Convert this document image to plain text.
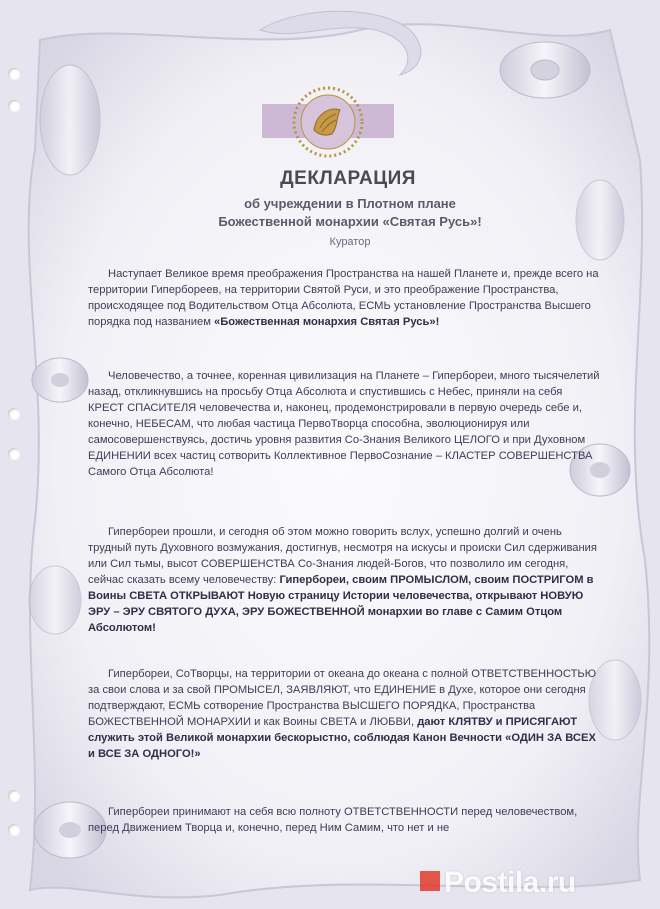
ДЕКЛАРАЦИЯ
об учреждении в Плотном плане
Божественной монархии «Святая Русь»!
Куратор
Наступает Великое время преображения Пространства на нашей Планете и, прежде всего на территории Гипербореев, на территории Святой Руси, и это преображение Пространства, происходящее под Водительством Отца Абсолюта, ЕСМЬ установление Пространства Высшего порядка под названием «Божественная монархия Святая Русь»!
Человечество, а точнее, коренная цивилизация на Планете – Гипербореи, много тысячелетий назад, откликнувшись на просьбу Отца Абсолюта и спустившись с Небес, приняли на себя КРЕСТ СПАСИТЕЛЯ человечества и, наконец, продемонстрировали в первую очередь себе и, конечно, НЕБЕСАМ, что любая частица ПервоТворца способна, эволюционируя или самосовершенствуясь, достичь уровня развития Со-Знания Великого ЦЕЛОГО и при Духовном ЕДИНЕНИИ всех частиц сотворить Коллективное ПервоСознание – КЛАСТЕР СОВЕРШЕНСТВА Самого Отца Абсолюта!
Гипербореи прошли, и сегодня об этом можно говорить вслух, успешно долгий и очень трудный путь Духовного возмужания, достигнув, несмотря на искусы и происки Сил сдерживания или Сил тьмы, высот СОВЕРШЕНСТВА Со-Знания людей-Богов, что позволило им сегодня, сейчас сказать всему человечеству: Гипербореи, своим ПРОМЫСЛОМ, своим ПОСТРИГОМ в Воины СВЕТА ОТКРЫВАЮТ Новую страницу Истории человечества, открывают НОВУЮ ЭРУ – ЭРУ СВЯТОГО ДУХА, ЭРУ БОЖЕСТВЕННОЙ монархии во главе с Самим Отцом Абсолютом!
Гипербореи, СоТворцы, на территории от океана до океана с полной ОТВЕТСТВЕННОСТЬЮ за свои слова и за свой ПРОМЫСЕЛ, ЗАЯВЛЯЮТ, что ЕДИНЕНИЕ в Духе, которое они сегодня подтверждают, ЕСМЬ сотворение Пространства ВЫСШЕГО ПОРЯДКА, Пространства БОЖЕСТВЕННОЙ МОНАРХИИ и как Воины СВЕТА и ЛЮБВИ, дают КЛЯТВУ и ПРИСЯГАЮТ служить этой Великой монархии бескорыстно, соблюдая Канон Вечности «ОДИН ЗА ВСЕХ и ВСЕ ЗА ОДНОГО!»
Гипербореи принимают на себя всю полноту ОТВЕТСТВЕННОСТИ перед человечеством, перед Движением Творца и, конечно, перед Ним Самим, что нет и не
Postila.ru
